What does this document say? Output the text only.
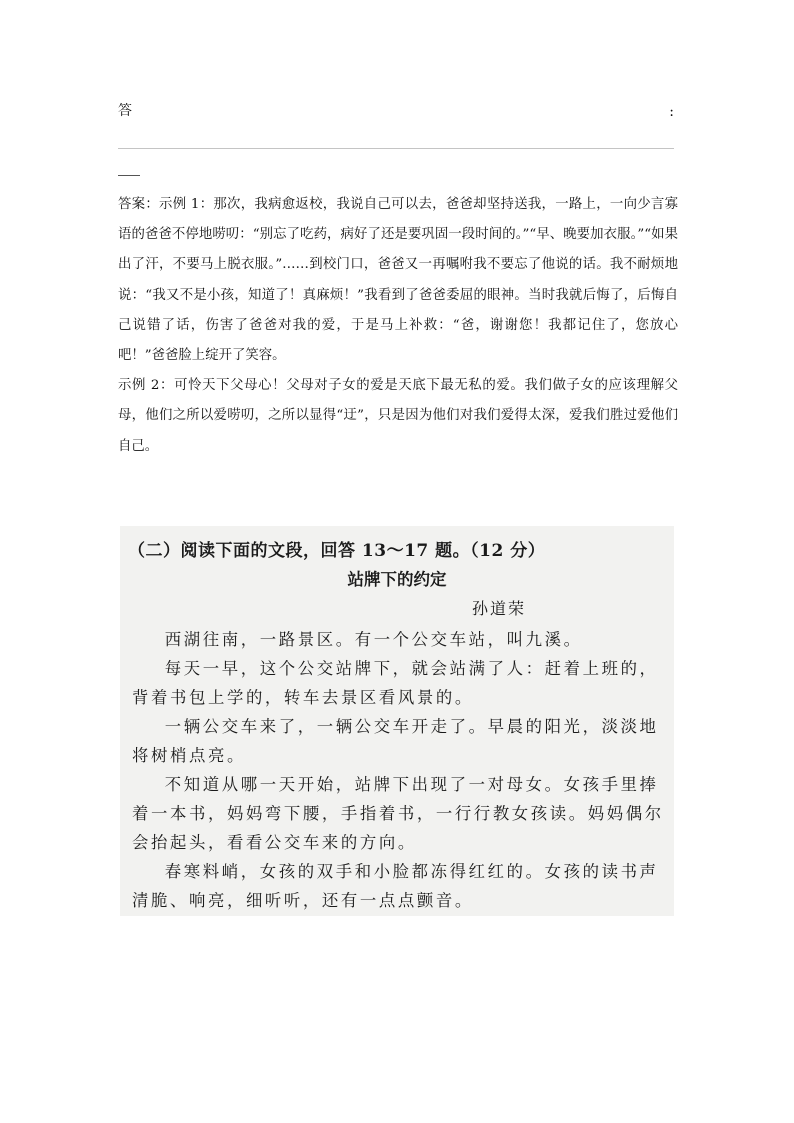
答	:

答案：示例 1：那次，我病愈返校，我说自己可以去，爸爸却坚持送我，一路上，一向少言寡语的爸爸不停地唠叨：“别忘了吃药，病好了还是要巩固一段时间的。”“早、晚要加衣服。”“如果出了汗，不要马上脱衣服。”……到校门口，爸爸又一再嘱咐我不要忘了他说的话。我不耐烦地说：“我又不是小孩，知道了！真麻烦！”我看到了爸爸委屈的眼神。当时我就后悔了，后悔自己说错了话，伤害了爸爸对我的爱，于是马上补救：“爸，谢谢您！我都记住了，您放心吧！”爸爸脸上绽开了笑容。

示例 2：可怜天下父母心！父母对子女的爱是天底下最无私的爱。我们做子女的应该理解父母，他们之所以爱唠叨，之所以显得“迂”，只是因为他们对我们爱得太深，爱我们胜过爱他们自己。

（二）阅读下面的文段，回答 13～17 题。（12 分）
站牌下的约定
孙道荣

西湖往南，一路景区。有一个公交车站，叫九溪。

每天一早，这个公交站牌下，就会站满了人：赶着上班的，背着书包上学的，转车去景区看风景的。

一辆公交车来了，一辆公交车开走了。早晨的阳光，淡淡地将树梢点亮。

不知道从哪一天开始，站牌下出现了一对母女。女孩手里捧着一本书，妈妈弯下腰，手指着书，一行行教女孩读。妈妈偶尔会抬起头，看看公交车来的方向。

春寒料峭，女孩的双手和小脸都冻得红红的。女孩的读书声清脆、响亮，细听听，还有一点点颤音。
